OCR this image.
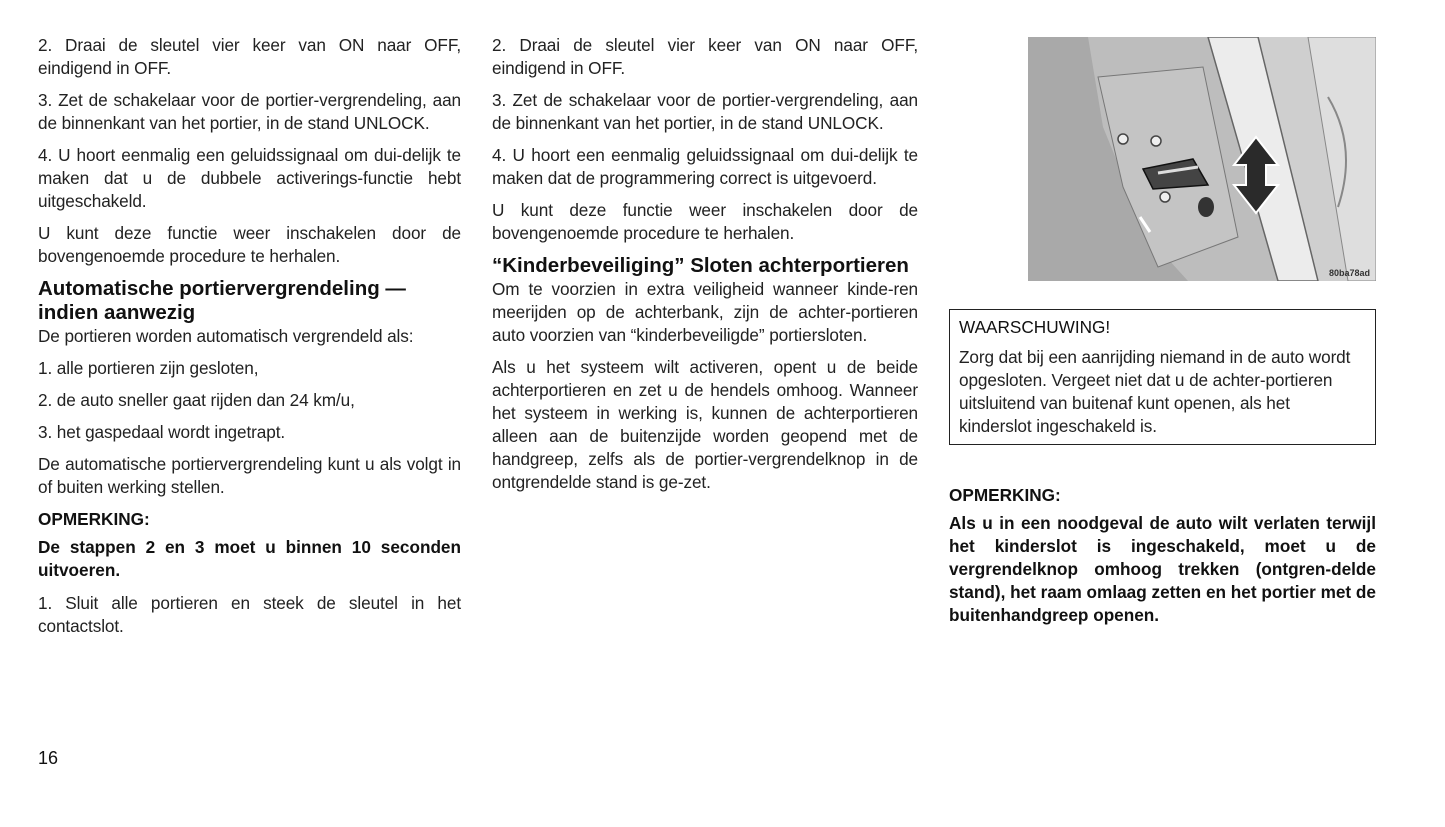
2. Draai de sleutel vier keer van ON naar OFF, eindigend in OFF.

3. Zet de schakelaar voor de portier-vergrendeling, aan de binnenkant van het portier, in de stand UNLOCK.

4. U hoort eenmalig een geluidssignaal om dui-delijk te maken dat u de dubbele activerings-functie hebt uitgeschakeld.

U kunt deze functie weer inschakelen door de bovengenoemde procedure te herhalen.

Automatische portiervergrendeling — indien aanwezig

De portieren worden automatisch vergrendeld als:

1. alle portieren zijn gesloten,

2. de auto sneller gaat rijden dan 24 km/u,

3. het gaspedaal wordt ingetrapt.

De automatische portiervergrendeling kunt u als volgt in of buiten werking stellen.

OPMERKING:
De stappen 2 en 3 moet u binnen 10 seconden uitvoeren.

1. Sluit alle portieren en steek de sleutel in het contactslot.

2. Draai de sleutel vier keer van ON naar OFF, eindigend in OFF.

3. Zet de schakelaar voor de portier-vergrendeling, aan de binnenkant van het portier, in de stand UNLOCK.

4. U hoort een eenmalig geluidssignaal om dui-delijk te maken dat de programmering correct is uitgevoerd.

U kunt deze functie weer inschakelen door de bovengenoemde procedure te herhalen.

“Kinderbeveiliging” Sloten achterportieren

Om te voorzien in extra veiligheid wanneer kinde-ren meerijden op de achterbank, zijn de achter-portieren auto voorzien van “kinderbeveiligde” portiersloten.

Als u het systeem wilt activeren, opent u de beide achterportieren en zet u de hendels omhoog. Wanneer het systeem in werking is, kunnen de achterportieren alleen aan de buitenzijde worden geopend met de handgreep, zelfs als de portier-vergrendelknop in de ontgrendelde stand is ge-zet.

80ba78ad
WAARSCHUWING!

Zorg dat bij een aanrijding niemand in de auto wordt opgesloten. Vergeet niet dat u de achter-portieren uitsluitend van buitenaf kunt openen, als het kinderslot ingeschakeld is.

OPMERKING:
Als u in een noodgeval de auto wilt verlaten terwijl het kinderslot is ingeschakeld, moet u de vergrendelknop omhoog trekken (ontgren-delde stand), het raam omlaag zetten en het portier met de buitenhandgreep openen.
16
